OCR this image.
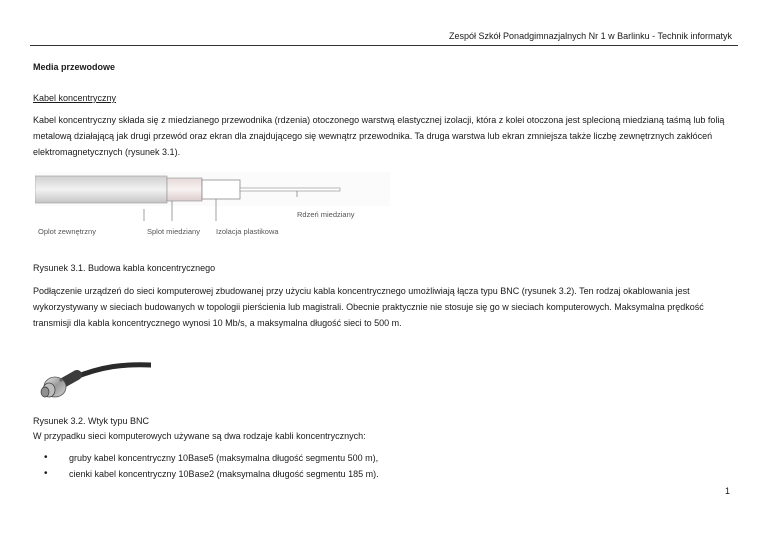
Zespół Szkół Ponadgimnazjalnych Nr 1 w Barlinku - Technik informatyk

Media przewodowe

Kabel koncentryczny

Kabel koncentryczny składa się z miedzianego przewodnika (rdzenia) otoczonego warstwą elastycznej izolacji, która z kolei otoczona jest splecioną miedzianą taśmą lub folią metalową działającą jak drugi przewód oraz ekran dla znajdującego się wewnątrz przewodnika. Ta druga warstwa lub ekran zmniejsza także liczbę zewnętrznych zakłóceń elektromagnetycznych (rysunek 3.1).

Rdzeń miedziany
Oplot zewnętrzny	Splot miedziany Izolacja plastikowa

Rysunek 3.1. Budowa kabla koncentrycznego

Podłączenie urządzeń do sieci komputerowej zbudowanej przy użyciu kabla koncentrycznego umożliwiają łącza typu BNC (rysunek 3.2). Ten rodzaj okablowania jest wykorzystywany w sieciach budowanych w topologii pierścienia lub magistrali. Obecnie praktycznie nie stosuje się go w sieciach komputerowych. Maksymalna prędkość transmisji dla kabla koncentrycznego wynosi 10 Mb/s, a maksymalna długość sieci to 500 m.

Rysunek 3.2. Wtyk typu BNC

W przypadku sieci komputerowych używane są dwa rodzaje kabli koncentrycznych:

• gruby kabel koncentryczny 10Base5 (maksymalna długość segmentu 500 m),
• cienki kabel koncentryczny 10Base2 (maksymalna długość segmentu 185 m).
1
